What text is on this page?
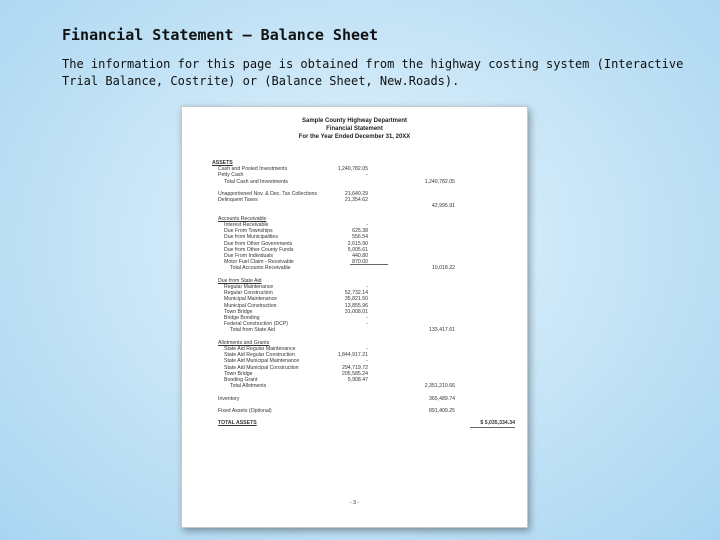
Financial Statement – Balance Sheet
The information for this page is obtained from the highway costing system (Interactive Trial Balance, Costrite) or (Balance Sheet, New.Roads).
Sample County Highway Department
Financial Statement
For the Year Ended December 31, 20XX
ASSETS
Cash and Pooled Investments	1,240,782.05
Petty Cash	-
Total Cash and Investments	1,240,782.05
Unapportioned Nov. & Dec. Tax Collections	21,640.29
Delinquent Taxes	21,354.62
42,995.91
Accounts Receivable
Interest Receivable	-
Due From Townships	625.38
Due from Municipalities	556.54
Due from Other Governments	2,615.90
Due from Other County Funds	5,005.61
Due From Individuals	440.80
Motor Fuel Claim - Receivable	870.00
Total Accounts Receivable	10,018.22
Due from State Aid
Regular Maintenance	-
Regular Construction	52,732.14
Municipal Maintenance	35,821.50
Municipal Construction	13,855.96
Town Bridge	31,008.01
Bridge Bonding	-
Federal Construction (DCP)	-
Total from State Aid	133,417.61
Allotments and Grants
State Aid Regular Maintenance	-
State Aid Regular Construction	1,844,917.21
State Aid Municipal Maintenance	-
State Aid Municipal Construction	294,719.72
Town Bridge	205,585.24
Bonding Grant	5,908.47
Total Allotments	2,351,210.66
Inventory	365,489.74
Fixed Assets (Optional)	891,409.25
TOTAL ASSETS	$ 5,035,334.34
- 3 -
